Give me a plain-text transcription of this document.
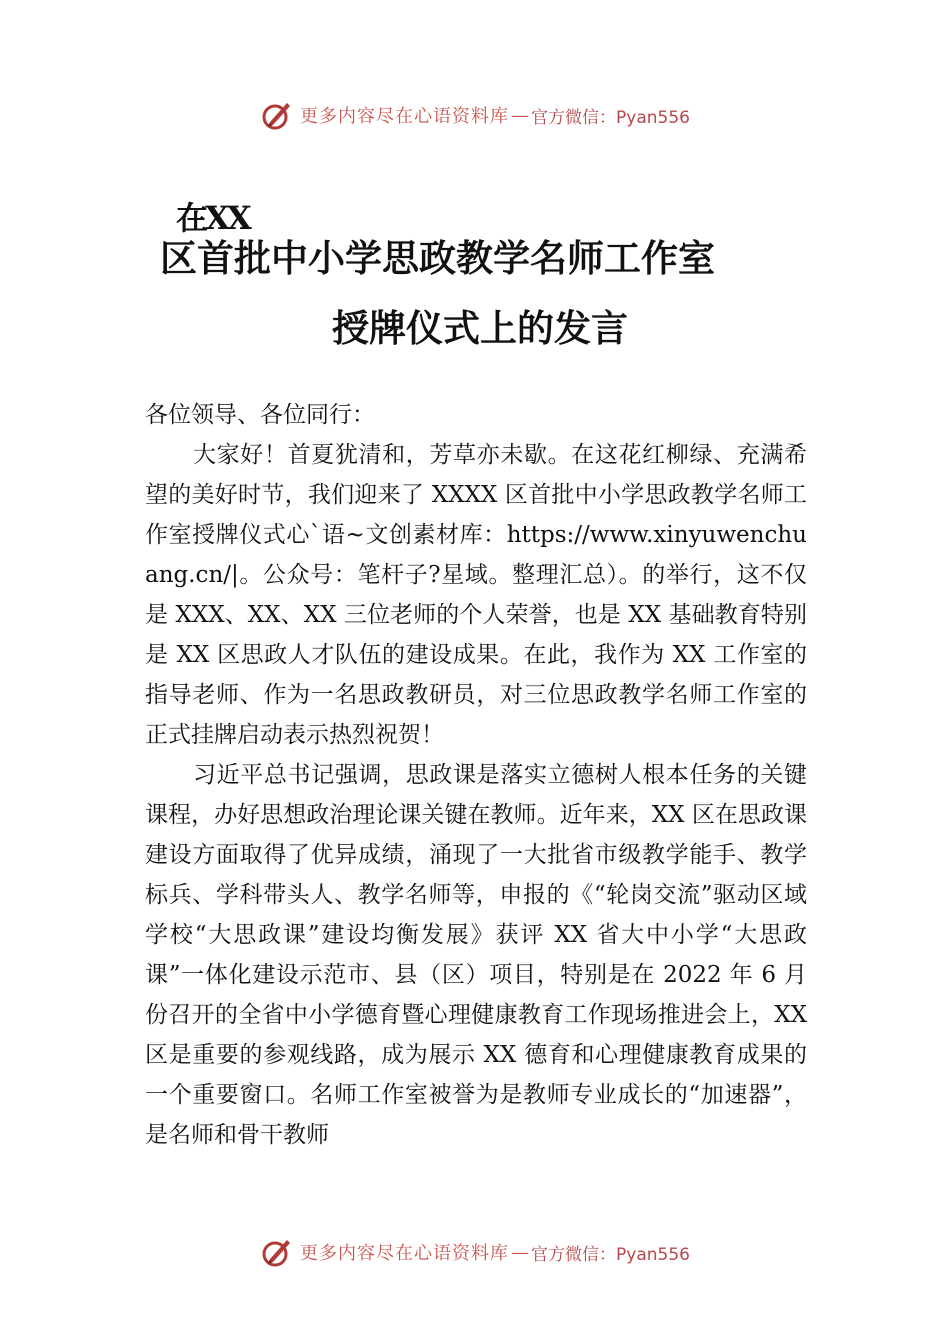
更多内容尽在心语资料库 — 官方微信：Pyan556
在XX
区首批中小学思政教学名师工作室
授牌仪式上的发言

各位领导、各位同行：

大家好！首夏犹清和，芳草亦未歇。在这花红柳绿、充满希望的美好时节，我们迎来了 XXXX 区首批中小学思政教学名师工作室授牌仪式心`语~文创素材库：https://www.xinyuwenchuang.cn/|。公众号：笔杆子?星域。整理汇总）。的举行，这不仅是 XXX、XX、XX 三位老师的个人荣誉，也是 XX 基础教育特别是 XX 区思政人才队伍的建设成果。在此，我作为 XX 工作室的指导老师、作为一名思政教研员，对三位思政教学名师工作室的正式挂牌启动表示热烈祝贺！

习近平总书记强调，思政课是落实立德树人根本任务的关键课程，办好思想政治理论课关键在教师。近年来，XX 区在思政课建设方面取得了优异成绩，涌现了一大批省市级教学能手、教学标兵、学科带头人、教学名师等，申报的《“轮岗交流”驱动区域学校“大思政课”建设均衡发展》获评 XX 省大中小学“大思政课”一体化建设示范市、县（区）项目，特别是在 2022 年 6 月份召开的全省中小学德育暨心理健康教育工作现场推进会上，XX 区是重要的参观线路，成为展示 XX 德育和心理健康教育成果的一个重要窗口。名师工作室被誉为是教师专业成长的“加速器”，是名师和骨干教师

更多内容尽在心语资料库 — 官方微信：Pyan556
